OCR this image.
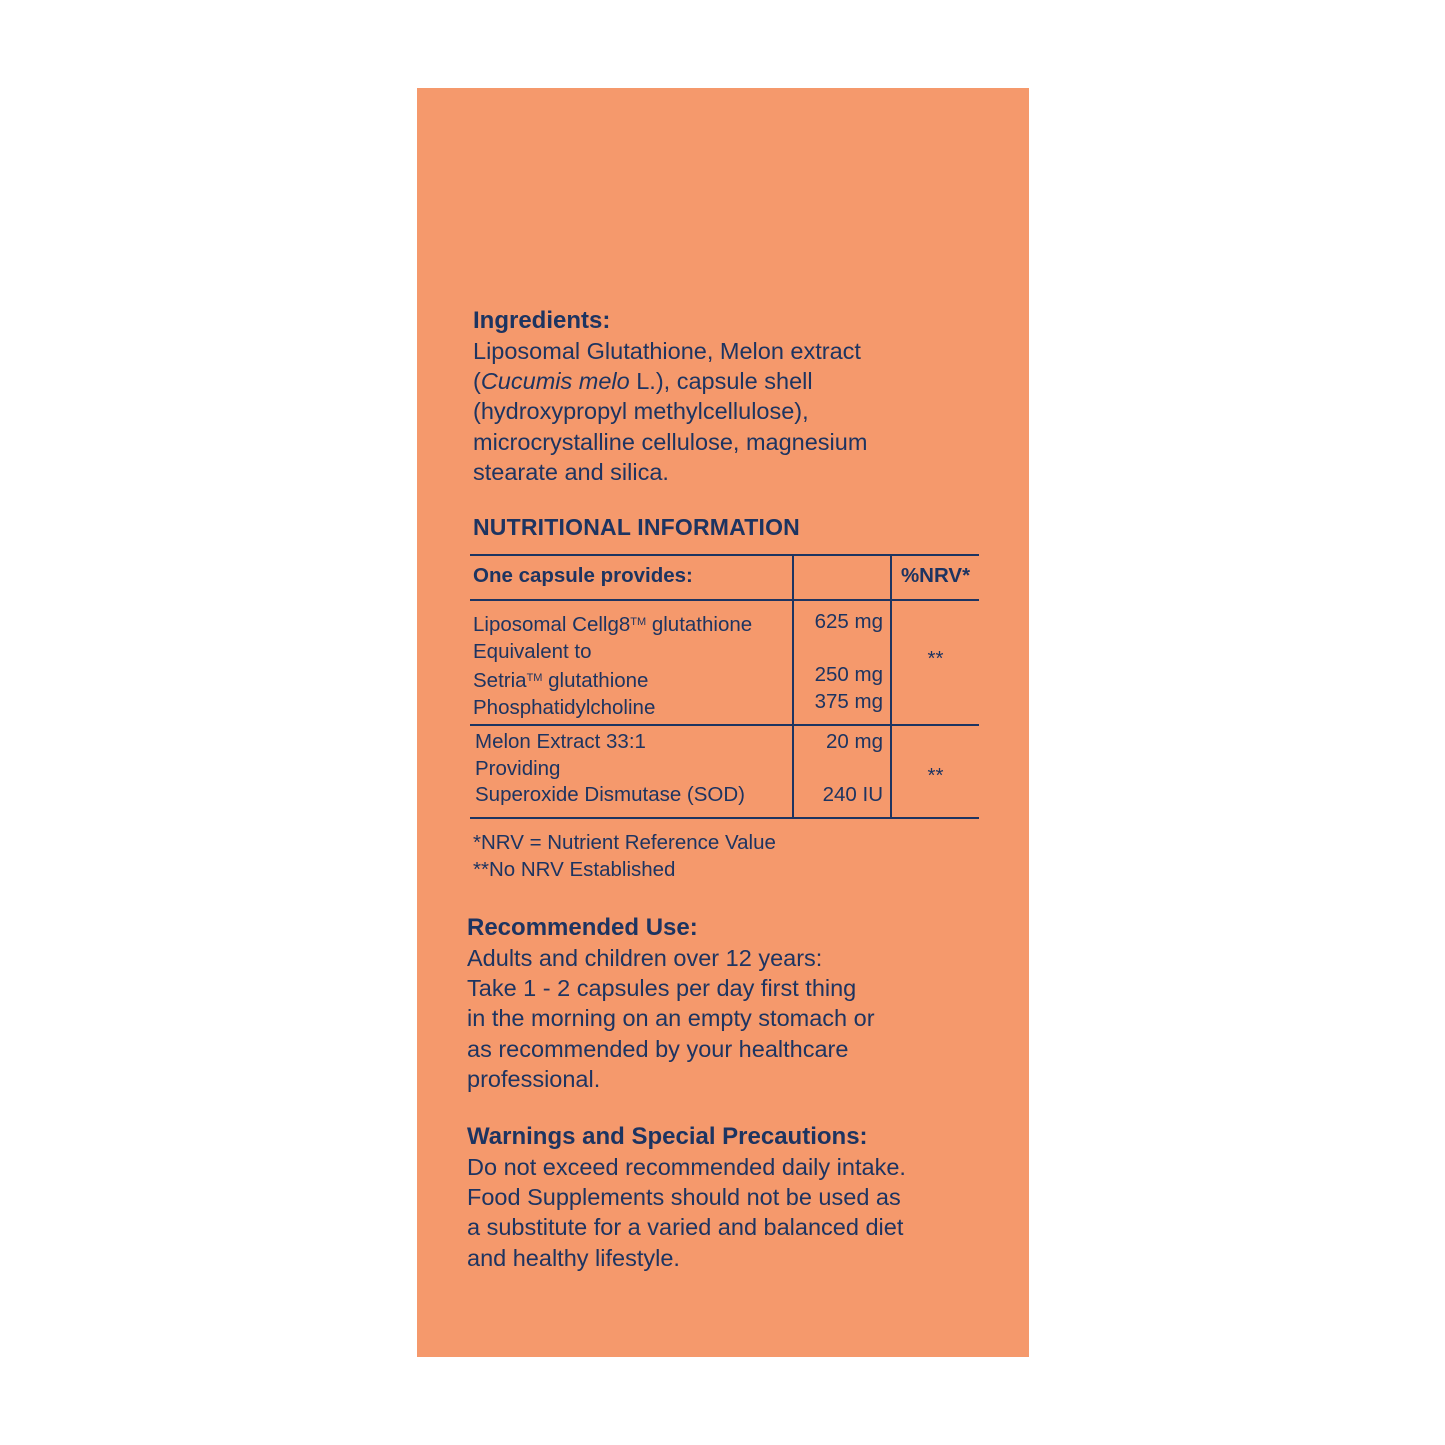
Ingredients:
Liposomal Glutathione, Melon extract
(Cucumis melo L.), capsule shell
(hydroxypropyl methylcellulose),
microcrystalline cellulose, magnesium
stearate and silica.
NUTRITIONAL INFORMATION
One capsule provides:	%NRV*
Liposomal Cellg8™ glutathione
Equivalent to
Setria™ glutathione
Phosphatidylcholine
625 mg

250 mg
375 mg
**
Melon Extract 33:1
Providing
Superoxide Dismutase (SOD)
20 mg

240 IU
**
*NRV = Nutrient Reference Value
**No NRV Established
Recommended Use:
Adults and children over 12 years:
Take 1 - 2 capsules per day first thing
in the morning on an empty stomach or
as recommended by your healthcare
professional.
Warnings and Special Precautions:
Do not exceed recommended daily intake.
Food Supplements should not be used as
a substitute for a varied and balanced diet
and healthy lifestyle.
